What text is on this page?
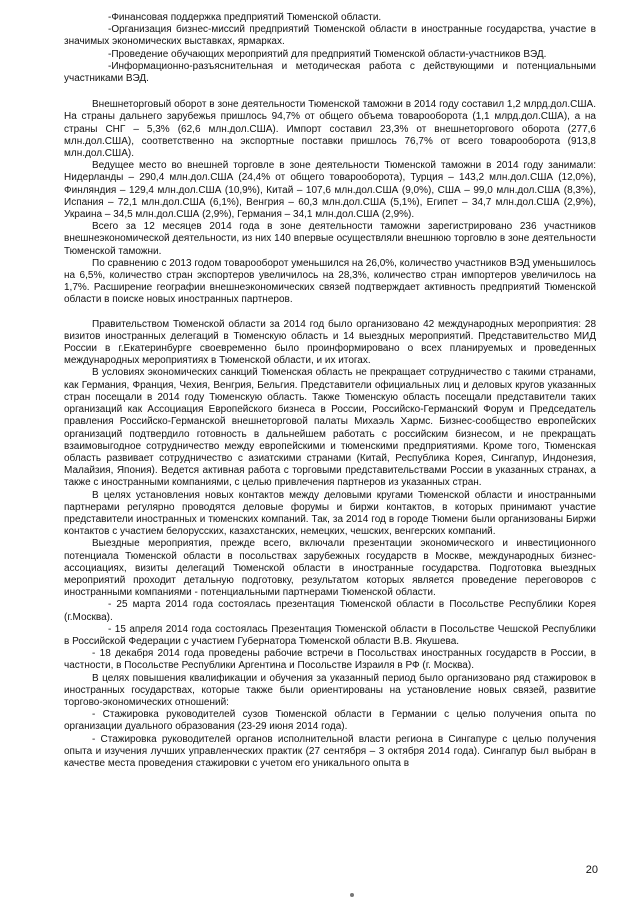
-Финансовая поддержка предприятий Тюменской области.

-Организация бизнес-миссий предприятий Тюменской области в иностранные государства, участие в значимых экономических выставках, ярмарках.

-Проведение обучающих мероприятий для предприятий Тюменской области-участников ВЭД.

-Информационно-разъяснительная и методическая работа с действующими и потенциальными участниками ВЭД.

Внешнеторговый оборот в зоне деятельности Тюменской таможни в 2014 году составил 1,2 млрд.дол.США. На страны дальнего зарубежья пришлось 94,7% от общего объема товарооборота (1,1 млрд.дол.США), а на страны СНГ – 5,3% (62,6 млн.дол.США). Импорт составил 23,3% от внешнеторгового оборота (277,6 млн.дол.США), соответственно на экспортные поставки пришлось 76,7% от всего товарооборота (913,8 млн.дол.США).

Ведущее место во внешней торговле в зоне деятельности Тюменской таможни в 2014 году занимали: Нидерланды – 290,4 млн.дол.США (24,4% от общего товарооборота), Турция – 143,2 млн.дол.США (12,0%), Финляндия – 129,4 млн.дол.США (10,9%), Китай – 107,6 млн.дол.США (9,0%), США – 99,0 млн.дол.США (8,3%), Испания – 72,1 млн.дол.США (6,1%), Венгрия – 60,3 млн.дол.США (5,1%), Египет – 34,7 млн.дол.США (2,9%), Украина – 34,5 млн.дол.США (2,9%), Германия – 34,1 млн.дол.США (2,9%).

Всего за 12 месяцев 2014 года в зоне деятельности таможни зарегистрировано 236 участников внешнеэкономической деятельности, из них 140 впервые осуществляли внешнюю торговлю в зоне деятельности Тюменской таможни.

По сравнению с 2013 годом товарооборот уменьшился на 26,0%, количество участников ВЭД уменьшилось на 6,5%, количество стран экспортеров увеличилось на 28,3%, количество стран импортеров увеличилось на 1,7%. Расширение географии внешнеэкономических связей подтверждает активность предприятий Тюменской области в поиске новых иностранных партнеров.

Правительством Тюменской области за 2014 год было организовано 42 международных мероприятия: 28 визитов иностранных делегаций в Тюменскую область и 14 выездных мероприятий. Представительство МИД России в г.Екатеринбурге своевременно было проинформировано о всех планируемых и проведенных международных мероприятиях в Тюменской области, и их итогах.

В условиях экономических санкций Тюменская область не прекращает сотрудничество с такими странами, как Германия, Франция, Чехия, Венгрия, Бельгия. Представители официальных лиц и деловых кругов указанных стран посещали в 2014 году Тюменскую область. Также Тюменскую область посещали представители таких организаций как Ассоциация Европейского бизнеса в России, Российско-Германский Форум и Председатель правления Российско-Германской внешнеторговой палаты Михаэль Хармс. Бизнес-сообщество европейских организаций подтвердило готовность в дальнейшем работать с российским бизнесом, и не прекращать взаимовыгодное сотрудничество между европейскими и тюменскими предприятиями. Кроме того, Тюменская область развивает сотрудничество с азиатскими странами (Китай, Республика Корея, Сингапур, Индонезия, Малайзия, Япония). Ведется активная работа с торговыми представительствами России в указанных странах, а также с иностранными компаниями, с целью привлечения партнеров из указанных стран.

В целях установления новых контактов между деловыми кругами Тюменской области и иностранными партнерами регулярно проводятся деловые форумы и биржи контактов, в которых принимают участие представители иностранных и тюменских компаний. Так, за 2014 год в городе Тюмени были организованы Биржи контактов с участием белорусских, казахстанских, немецких, чешских, венгерских компаний.

Выездные мероприятия, прежде всего, включали презентации экономического и инвестиционного потенциала Тюменской области в посольствах зарубежных государств в Москве, международных бизнес-ассоциациях, визиты делегаций Тюменской области в иностранные государства. Подготовка выездных мероприятий проходит детальную подготовку, результатом которых является проведение переговоров с иностранными компаниями - потенциальными партнерами Тюменской области.

- 25 марта 2014 года состоялась презентация Тюменской области в Посольстве Республики Корея (г.Москва).

- 15 апреля 2014 года состоялась Презентация Тюменской области в Посольстве Чешской Республики в Российской Федерации с участием Губернатора Тюменской области В.В. Якушева.

- 18 декабря 2014 года проведены рабочие встречи в Посольствах иностранных государств в России, в частности, в Посольстве Республики Аргентина и Посольстве Израиля в РФ (г. Москва).

В целях повышения квалификации и обучения за указанный период было организовано ряд стажировок в иностранных государствах, которые также были ориентированы на установление новых связей, развитие торгово-экономических отношений:

- Стажировка руководителей сузов Тюменской области в Германии с целью получения опыта по организации дуального образования (23-29 июня 2014 года).

- Стажировка руководителей органов исполнительной власти региона в Сингапуре с целью получения опыта и изучения лучших управленческих практик (27 сентября – 3 октября 2014 года). Сингапур был выбран в качестве места проведения стажировки с учетом его уникального опыта в

20
